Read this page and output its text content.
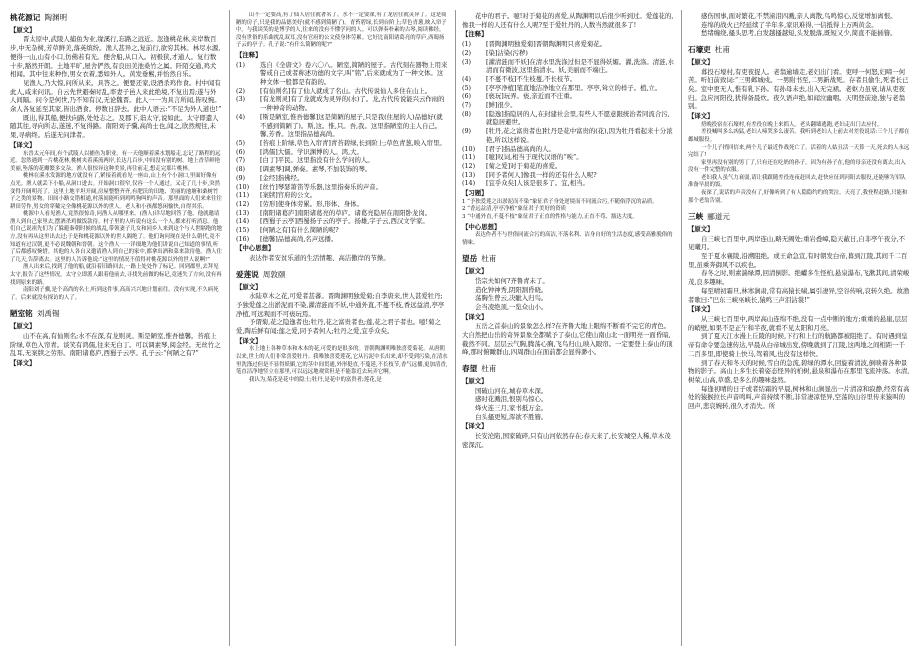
桃花源记 陶渊明
【原文】

晋太原中,武陵人捕鱼为业,缘溪行,忘路之远近。忽逢桃花林,夹岸数百步,中无杂树,芳草鲜美,落英缤纷。渔人甚异之,复前行,欲穷其林。林尽水源,便得一山,山有小口,仿佛若有光。便舍船,从口入。初极狭,才通人。复行数十步,豁然开朗。土地平旷,屋舍俨然,有良田美池桑竹之属。阡陌交通,鸡犬相闻。其中往来种作,男女衣着,悉如外人。黄发垂髫,并怡然自乐。

见渔人,乃大惊,问所从来。具答之。便要还家,设酒杀鸡作食。村中闻有此人,咸来问讯。自云先世避秦时乱,率妻子邑人来此绝境,不复出焉;遂与外人间隔。问今是何世,乃不知有汉,无论魏晋。此人一一为具言所闻,皆叹惋。余人各复延至其家,皆出酒食。停数日辞去。此中人语云:“不足为外人道也!”

既出,得其船,便扶向路,处处志之。及郡下,诣太守,说如此。太守即遣人随其往,寻向所志,遂迷,不复得路。南阳刘子骥,高尚士也,闻之,欣然规往,未果,寻病终。后遂无问津者。

【译文】

东晋太元年间,有个武陵人以捕鱼为职业。有一天他顺着溪水划船走,忘记了路程的远近。忽然遇到一片桃花林,桃树夹着溪流两岸,长达几百步,中间没有别的树。地上香草鲜艳美丽,坠落的花瓣繁多交杂。渔人很惊异这种美景,再往前走,想走完那片桃林。

桃林在溪水发源的地方就没有了,紧接着就看见一座山,山上有个小洞口,里面好像有点光。渔人就丢下小船,从洞口进去。开始洞口很窄,仅容一个人通过。又走了几十步,突然变得开阔明亮了。这里土地平坦开阔,房屋整整齐齐,有肥沃的田地、美丽的池塘和桑树竹子之类的景物。田间小路交错相通,村落间能听到鸡鸣狗叫的声音。那里面的人们来来往往耕田劳作,男女的穿戴完全像桃花源以外的世人。老人和小孩都悠闲愉快,自得其乐。

桃源中人看见渔人,竟然很惊奇,问渔人从哪里来。(渔人)详尽地回答了他。他就邀请渔人到自己家里去,摆酒杀鸡做饭款待。村子里的人听说有这么一个人,都来打听消息。他们自己说祖先们为了躲避秦朝时候的战乱,带领妻子儿女和同乡人来到这个与人世隔绝的地方,没有再从这里出去过;于是和桃花源以外的世人隔绝了。他们询问现在是什么朝代,竟不知道有过汉朝,更不必说魏朝和晋朝。这个渔人一一详细地为他们讲说自己知道的事情,听了后都感叹惋惜。其他的人各自又邀请渔人到自己的家中,都拿出酒和菜来款待他。渔人住了几天,告辞离去。这里的人告诉他说:“这里的情况不值得对桃花源以外的世人说啊!”

渔人出来后,找到了他的船,就沿着旧路回去,一路上处处作了标记。回到郡里,去拜见太守,报告了这些情况。太守立即派人跟着他前去,寻找先前做的标记,竟迷失了方向,没有再找到原来的路。

南阳刘子骥,是个高尚的名士,听到这件事,高高兴兴地计划前往。没有实现,不久病死了。后来就没有探访的人了。

陋室铭 刘禹锡
【原文】

山不在高,有仙则名;水不在深,有龙则灵。斯是陋室,惟吾德馨。苔痕上阶绿,草色入帘青。谈笑有鸿儒,往来无白丁。可以调素琴,阅金经。无丝竹之乱耳,无案牍之劳形。南阳诸葛庐,西蜀子云亭。孔子云:“何陋之有?”

【译文】

山不一定要高,有了仙人居住就著名了。水不一定要深,有了龙居住就灵异了。这是简陋的房子,只是我的品德美好(就不感到简陋了)。青苔碧绿,长到台阶上;草色青葱,映入帘子中。与我谈笑的是博学的人,往来的没有不懂学问的人。可以弹奏朴素的古琴,阅读佛经。没有世俗的乐曲扰乱双耳,没有官府的公文使身体劳累。它好比南阳诸葛亮的草庐,西蜀扬子云的亭子。孔子说:“有什么简陋的呢?”

【注释】
(1)	选自《全唐文》卷六〇八。陋室,简陋的屋子。古代刻在器物上用来警戒自己或者称述功德的文字,叫“铭”,后来就成为了一种文体。这种文体一般都是有韵的。
(2)	[有仙则名]有了仙人就成了名山。古代传说仙人多住在山上。
(3)	[有龙则灵]有了龙就成为灵异的(水)了。龙,古代传说能兴云作雨的一种神奇的动物。
(4)	[斯是陋室,惟吾德馨]这是简陋的屋子,只是我(住屋的人)品德好(就不感到简陋了)。斯,这。惟,只。吾,我。这里指陋室的主人自己。馨,芳香。这里指品德高尚。
(5)	[苔痕上阶绿,草色入帘青]青苔碧绿,长到阶上;草色青葱,映入帘里。
(6)	[鸿儒]大儒。学识渊博的人。鸿,大。
(7)	[白丁]平民。这里指没有什么学问的人。
(8)	[调素琴]调,弹奏。素琴,不加装饰的琴。
(9)	[金经]指佛经。
(10)	[丝竹]琴瑟箫笛等乐器,这里指奏乐的声音。
(11)	[案牍]官府的公文。
(12)	[劳形]使身体劳累。形,形体、身体。
(13)	[南阳诸葛庐]南阳诸葛亮的草庐。诸葛亮隐居在南阳卧龙岗。
(14)	[西蜀子云亭]西蜀扬子云的亭子。扬雄,字子云,西汉文学家。
(15)	[何陋之有]有什么简陋的呢?
(16)	[德馨]品德高尚,名声远播。
【中心思想】

表达作者安贫乐道的生活情趣、高洁傲岸的节操。

爱莲说 周敦颐
【原文】

水陆草木之花,可爱者甚蕃。晋陶渊明独爱菊;自李唐来,世人甚爱牡丹;予独爱莲之出淤泥而不染,濯清涟而不妖,中通外直,不蔓不枝,香远益清,亭亭净植,可远观而不可亵玩焉。

予谓菊,花之隐逸者也;牡丹,花之富贵者也;莲,花之君子者也。噫!菊之爱,陶后鲜有闻;莲之爱,同予者何人;牡丹之爱,宜乎众矣。

【译文】

水上地上各种草本和木本的花,可爱的是很多的。晋朝陶渊明唯独喜爱菊花。从唐朝以来,世上的人们非常喜爱牡丹。我唯独喜爱莲花,它从污泥中长出来,却不受到污染,在清水里洗涤过但是不显得妖媚,它的茎中间贯通,外形挺直,不蔓延,不长枝节,香气远播,更加清香,笔直洁净地竖立在那里,可以远远地观赏但是不能靠近去玩弄它啊。

我认为,菊花是花中的隐士;牡丹,是花中的富贵者;莲花,是

花中的君子。噫!对于菊花的喜爱,从陶渊明以后很少听到过。爱莲花的,像我一样的人还有什么人呢?至于爱牡丹的,人数当然就很多了!

【注释】
(1)	[晋陶渊明独爱菊]晋朝陶渊明只喜爱菊花。
(2)	[染]沾染(污秽)
(3)	[濯清涟而不妖]在清水里洗涤过但是不显得妖媚。濯,洗涤。清涟,水清而有微波,这里指清水。妖,美丽而不端庄。
(4)	[不蔓不枝]不生枝蔓,不长枝节。
(5)	[亭亭净植]笔直地洁净地立在那里。亭亭,耸立的样子。植,立。
(6)	[亵玩]玩弄。亵,亲近而不庄重。
(7)	[鲜]很少。
(8)	[隐逸]指隐居的人,在封建社会里,有些人不愿意跟统治者同流合污,就隐居避世。
(9)	[牡丹,花之富贵者也]牡丹是花中富贵的(花),因为牡丹看起来十分浓艳,所以这样说。
(10)	[君子]指品德高尚的人。
(11)	[噫]叹词,相当于现代汉语的“唉”。
(12)	[菊之爱]对于菊花的喜爱。
(13)	[同予者何人]像我一样的还有什么人呢?
(14)	[宜乎众矣]人该是很多了。宜,相当。
【习题】

1 “予独爱莲之出淤泥而不染”象征君子身处逆境而不同流合污,不随俗浮沉的品质。

2 “香远益清,亭亭净植”象征君子美好的资质

3 “中通外直,不蔓不枝”象征君子正直的性格与能力,正直不苟、豁达大度。

【中心思想】

表达作者不与世俗同流合污的高洁,不落名利、洁身自好的生活态度,感受高雅脱俗的情味。

望岳 杜甫
【原文】
岱宗夫如何?齐鲁青未了。
造化钟神秀,阴阳割昏晓。
荡胸生曾云,决眦入归鸟。
会当凌绝顶,一览众山小。
【译文】

五岳之首泰山的景象怎么样?在齐鲁大地上眼绵不断看不完它的青色。大自然把山岳的奇异景象全都赋予了泰山,它使山南山北一面明亮一面昏暗,截然不同。层层云气胸,腾荡心胸,飞鸟归山,映入眼帘。一定要登上泰山的顶峰,那时俯瞰群山,四周群山在面前都会显得渺小。

春望 杜甫
【原文】
国破山河在,城春草木深。
感时花溅泪,恨别鸟惊心。
烽火连三月,家书抵万金。
白头搔更短,浑欲不胜簪。
【译文】

长安沦陷,国家破碎,只有山河依然存在;春天来了,长安城空人稀,草木茂密深沉。

感伤国事,面对繁花,不禁涕泪四溅,亲人离散,鸟鸣惊心,反觉增加离恨。

连绵的战火已经延续了半年多,家讯难得,一信抵得上万两黄金。

愁绪缠绕,搔头思考,白发越搔越短,头发脱落,既短又少,简直不能插簪。

石壕吏 杜甫
【原文】

暮投石壕村,有吏夜捉人。老翁逾墙走,老妇出门看。吏呼一何怒,妇啼一何苦。听妇前致词:“三男邺城戍。一男附书至,二男新战死。存者且偷生,死者长已矣。室中更无人,惟有乳下孙。有孙母未去,出入无完裙。老妪力虽衰,请从吏夜归。急应河阳役,犹得备晨炊。夜久语声绝,如闻泣幽咽。天明登前途,独与老翁别。

【译文】

傍晚投宿在石壕村,有差役在晚上来抓人。老头翻墙逃跑,老妇走出门去应付。

差役喊叫多么凶猛,老妇人啼哭多么凄苦。我听到老妇人上前去对差役说话:三个儿子都在邺城服役。

一个儿子捎回信来,两个儿子最近作战死亡了。活着的人姑且活一天算一天,死去的人永远完结了!

家里再没有别的男丁了,只有还在吃奶的孙子。因为有孙子在,他的母亲还没有离去,出入没有一件完整的衣服。

老妇我人虽气力衰弱,请让我跟随差役连夜赶回去,赶快应征到河阳去服役,还能够为军队准备早晨的饭。

夜深了,说话的声音没有了,好像听到了有人隐隐约约的哭泣。天亮了,我登程赶路,只能和那个老翁告别。

三峡 郦道元
【原文】

自三峡七百里中,两岸连山,略无阙处;重岩叠嶂,隐天蔽日,自非亭午夜分,不见曦月。

至于夏水襄陵,沿溯阻绝。或王命急宣,有时朝发白帝,暮到江陵,其间千二百里,虽乘奔御风不以疾也。

春冬之时,则素湍绿潭,回清倒影。绝巘多生怪柏,悬泉瀑布,飞漱其间,清荣峻茂,良多趣味。

每至晴初霜旦,林寒涧肃,常有高猿长啸,属引凄异,空谷传响,哀转久绝。故渔者歌曰:“巴东三峡巫峡长,猿鸣三声泪沾裳!”

【译文】

从三峡七百里中,两岸高山连绵不绝,没有一点中断的地方;重重的悬崖,层层的峭壁,如果不是正午和半夜,就看不见太阳和月亮。

到了夏天江水漫上丘陵的时候,下行和上行的航路都被阻绝了。有时遇到皇帝有命令要急速传达,早晨从白帝城出发,傍晚就到了江陵,这两地之间相距一千二百多里,即使骑上快马,驾着风,也没有这样快。

到了春天和冬天的时候,雪白的急流,碧绿的潭水,回旋着清波,倒映着各种景物的影子。高山上多生长着姿态怪异的柏树,悬泉和瀑布在那里飞流冲荡。水清,树荣,山高,草盛,是多么的趣味盎然。

每逢初晴的日子或者结霜的早晨,树林和山涧显出一片清凉和寂静,经常有高处的猿猴拉长声音鸣叫,声音持续不断,非常凄凉怪异,空荡的山谷里传来猿叫的回声,悲哀婉转,很久才消失。所
